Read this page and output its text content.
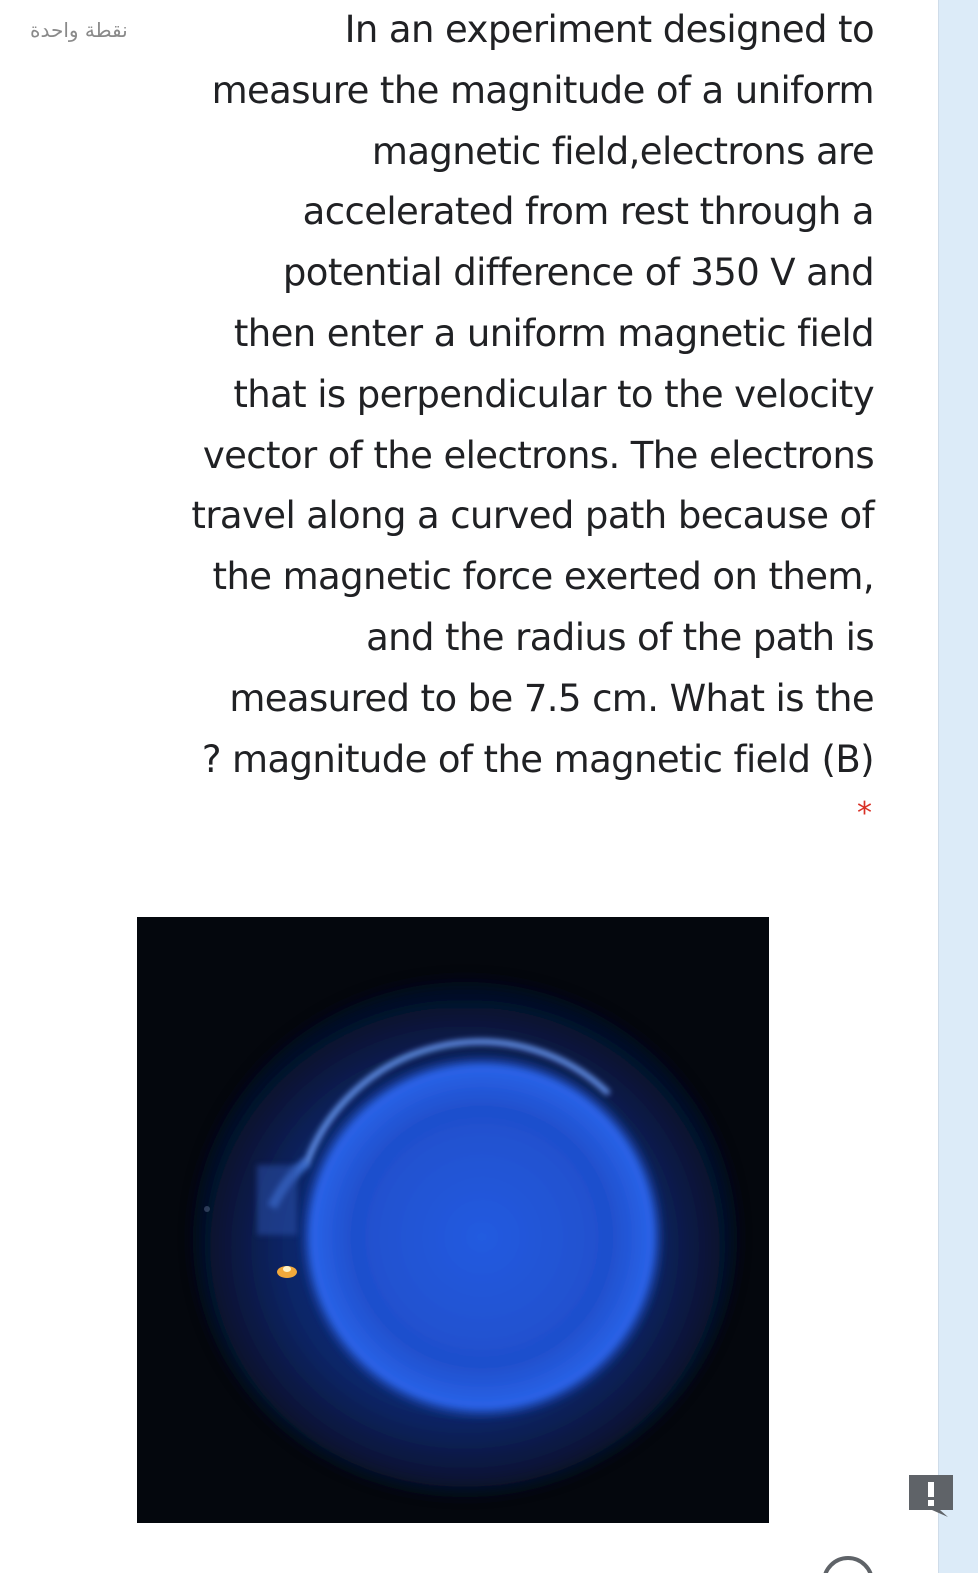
نقطة واحدة	In an experiment designed to
measure the magnitude of a uniform
magnetic field,electrons are
accelerated from rest through a
potential difference of 350 V and
then enter a uniform magnetic field
that is perpendicular to the velocity
vector of the electrons. The electrons
travel along a curved path because of
the magnetic force exerted on them,
and the radius of the path is
measured to be 7.5 cm. What is the
? magnitude of the magnetic field (B)
*
